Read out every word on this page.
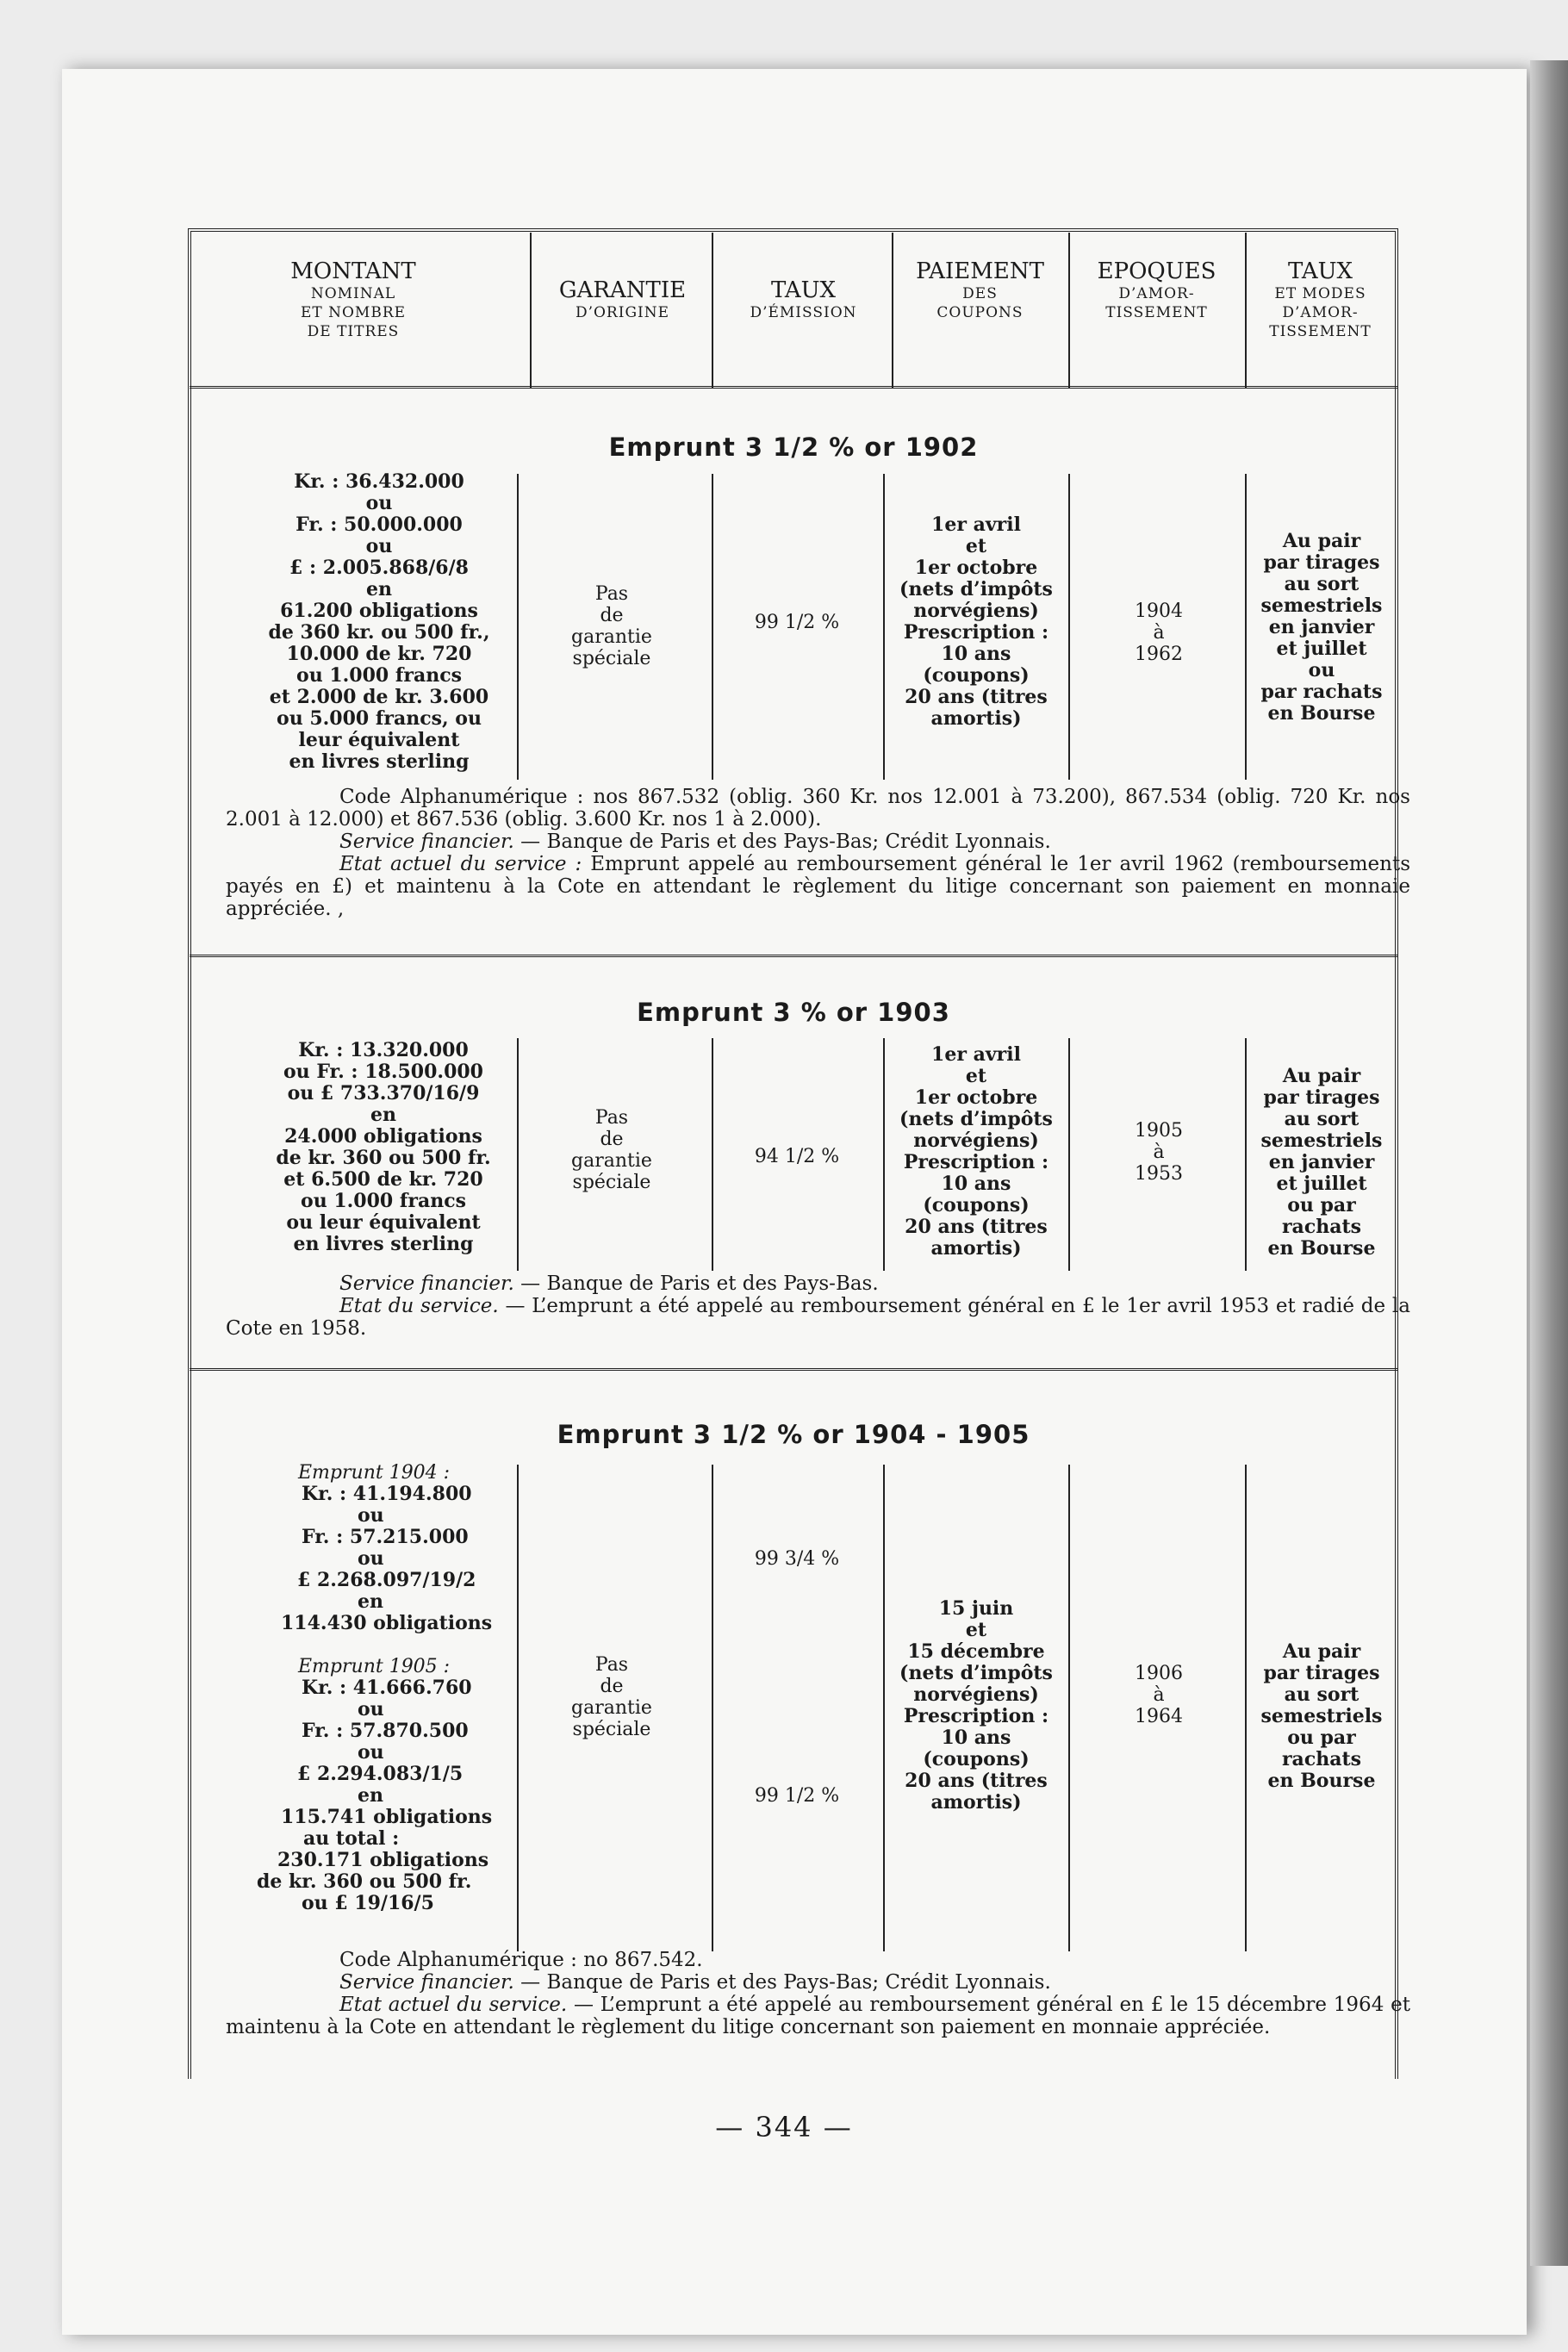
MONTANT
NOMINAL
ET NOMBRE
DE TITRES
GARANTIE
D’ORIGINE
TAUX
D’ÉMISSION
PAIEMENT
DES
COUPONS
EPOQUES
D’AMOR-
TISSEMENT
TAUX
ET MODES
D’AMOR-
TISSEMENT
Emprunt 3 1/2 % or 1902
Kr. : 36.432.000
ou
Fr. : 50.000.000
ou
£ : 2.005.868/6/8
en
61.200 obligations
de 360 kr. ou 500 fr.,
10.000 de kr. 720
ou 1.000 francs
et 2.000 de kr. 3.600
ou 5.000 francs, ou
leur équivalent
en livres sterling
Pas
de
garantie
spéciale
99 1/2 %
1er avril
et
1er octobre
(nets d’impôts
norvégiens)
Prescription :
10 ans
(coupons)
20 ans (titres
amortis)
1904
à
1962
Au pair
par tirages
au sort
semestriels
en janvier
et juillet
ou
par rachats
en Bourse

Code Alphanumérique : nos 867.532 (oblig. 360 Kr. nos 12.001 à 73.200), 867.534 (oblig. 720 Kr. nos 2.001 à 12.000) et 867.536 (oblig. 3.600 Kr. nos 1 à 2.000).

Service financier. — Banque de Paris et des Pays-Bas; Crédit Lyonnais.

Etat actuel du service : Emprunt appelé au remboursement général le 1er avril 1962 (remboursements payés en £) et maintenu à la Cote en attendant le règlement du litige concernant son paiement en monnaie appréciée. ,

Emprunt 3 % or 1903
Kr. : 13.320.000
ou Fr. : 18.500.000
ou £ 733.370/16/9
en
24.000 obligations
de kr. 360 ou 500 fr.
et 6.500 de kr. 720
ou 1.000 francs
ou leur équivalent
en livres sterling
Pas
de
garantie
spéciale
94 1/2 %
1er avril
et
1er octobre
(nets d’impôts
norvégiens)
Prescription :
10 ans
(coupons)
20 ans (titres
amortis)
1905
à
1953
Au pair
par tirages
au sort
semestriels
en janvier
et juillet
ou par rachats
en Bourse

Service financier. — Banque de Paris et des Pays-Bas.

Etat du service. — L’emprunt a été appelé au remboursement général en £ le 1er avril 1953 et radié de la Cote en 1958.

Emprunt 3 1/2 % or 1904 - 1905
Emprunt 1904 :
Kr. : 41.194.800
ou
Fr. : 57.215.000
ou
£ 2.268.097/19/2
en
114.430 obligations
Emprunt 1905 :
Kr. : 41.666.760
ou
Fr. : 57.870.500
ou
£ 2.294.083/1/5
en
115.741 obligations
au total :
230.171 obligations
de kr. 360 ou 500 fr.
ou £ 19/16/5
Pas
de
garantie
spéciale
99 3/4 %
99 1/2 %
15 juin
et
15 décembre
(nets d’impôts
norvégiens)
Prescription :
10 ans
(coupons)
20 ans (titres
amortis)
1906
à
1964
Au pair
par tirages
au sort
semestriels
ou par rachats
en Bourse

Code Alphanumérique : no 867.542.

Service financier. — Banque de Paris et des Pays-Bas; Crédit Lyonnais.

Etat actuel du service. — L’emprunt a été appelé au remboursement général en £ le 15 décembre 1964 et maintenu à la Cote en attendant le règlement du litige concernant son paiement en monnaie appréciée.

— 344 —
